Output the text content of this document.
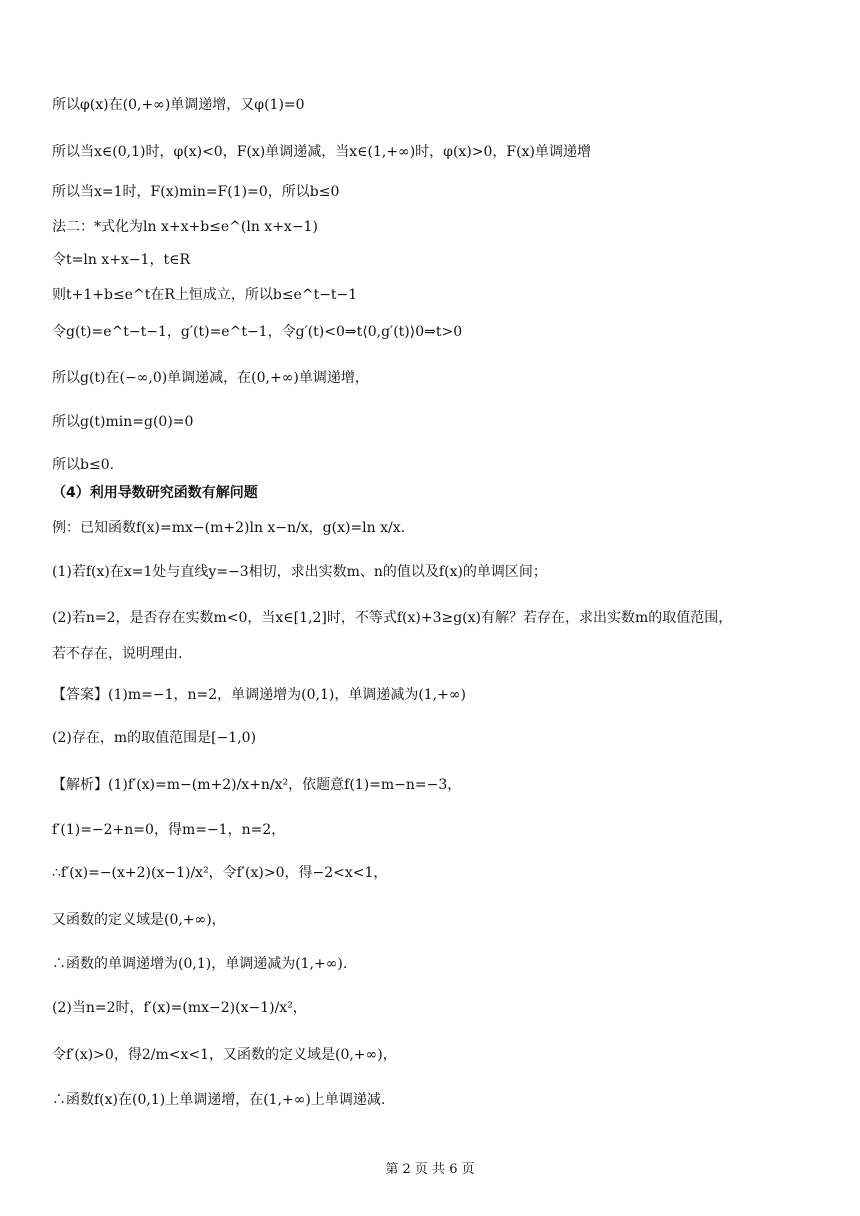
所以φ(x)在(0,+∞)单调递增，又φ(1)=0
所以当x∈(0,1)时，φ(x)<0，F(x)单调递减，当x∈(1,+∞)时，φ(x)>0，F(x)单调递增
所以当x=1时，F(x)min=F(1)=0，所以b≤0
法二：*式化为ln x+x+b≤e^(ln x+x−1)
令t=ln x+x−1，t∈R
则t+1+b≤e^t在R上恒成立，所以b≤e^t−t−1
令g(t)=e^t−t−1，g′(t)=e^t−1，令g′(t)<0⇒t⟨0,g′(t)⟩0⇒t>0
所以g(t)在(−∞,0)单调递减，在(0,+∞)单调递增，
所以g(t)min=g(0)=0
所以b≤0.
（4）利用导数研究函数有解问题
例：已知函数f(x)=mx−(m+2)ln x−n/x，g(x)=ln x/x.
(1)若f(x)在x=1处与直线y=−3相切，求出实数m、n的值以及f(x)的单调区间；
(2)若n=2，是否存在实数m<0，当x∈[1,2]时，不等式f(x)+3≥g(x)有解？若存在，求出实数m的取值范围，
若不存在，说明理由.
【答案】(1)m=−1，n=2，单调递增为(0,1)，单调递减为(1,+∞)
(2)存在，m的取值范围是[−1,0)
【解析】(1)f′(x)=m−(m+2)/x+n/x²，依题意f(1)=m−n=−3，
f′(1)=−2+n=0，得m=−1，n=2，
∴f′(x)=−(x+2)(x−1)/x²，令f′(x)>0，得−2<x<1，
又函数的定义域是(0,+∞)，
∴函数的单调递增为(0,1)，单调递减为(1,+∞).
(2)当n=2时，f′(x)=(mx−2)(x−1)/x²，
令f′(x)>0，得2/m<x<1，又函数的定义域是(0,+∞)，
∴函数f(x)在(0,1)上单调递增，在(1,+∞)上单调递减.
第 2 页 共 6 页
